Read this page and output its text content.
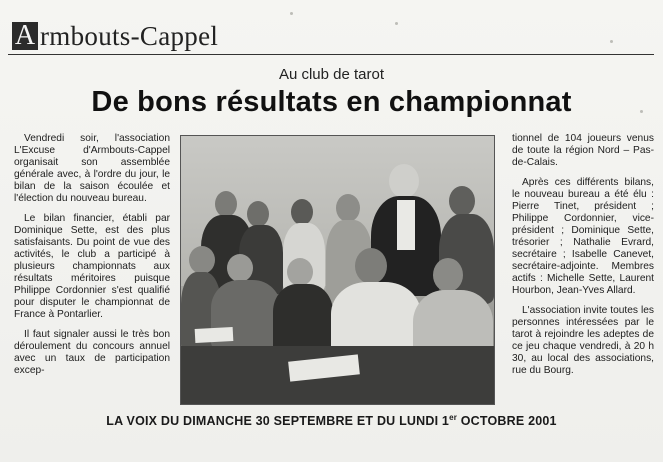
A rmbouts-Cappel
Au club de tarot
De bons résultats en championnat

Vendredi soir, l'association L'Excuse d'Armbouts-Cappel organisait son assemblée générale avec, à l'ordre du jour, le bilan de la saison écoulée et l'élection du nouveau bureau.

Le bilan financier, établi par Dominique Sette, est des plus satisfaisants. Du point de vue des activités, le club a participé à plusieurs championnats aux résultats méritoires puisque Philippe Cordonnier s'est qualifié pour disputer le championnat de France à Pontarlier.

Il faut signaler aussi le très bon déroulement du concours annuel avec un taux de participation excep-

tionnel de 104 joueurs venus de toute la région Nord – Pas-de-Calais.

Après ces différents bilans, le nouveau bureau a été élu : Pierre Tinet, président ; Philippe Cordonnier, vice-président ; Dominique Sette, trésorier ; Nathalie Evrard, secrétaire ; Isabelle Canevet, secrétaire-adjointe. Membres actifs : Michelle Sette, Laurent Hourbon, Jean-Yves Allard.

L'association invite toutes les personnes intéressées par le tarot à rejoindre les adeptes de ce jeu chaque vendredi, à 20 h 30, au local des associations, rue du Bourg.

LA VOIX DU DIMANCHE 30 SEPTEMBRE ET DU LUNDI 1er OCTOBRE 2001
